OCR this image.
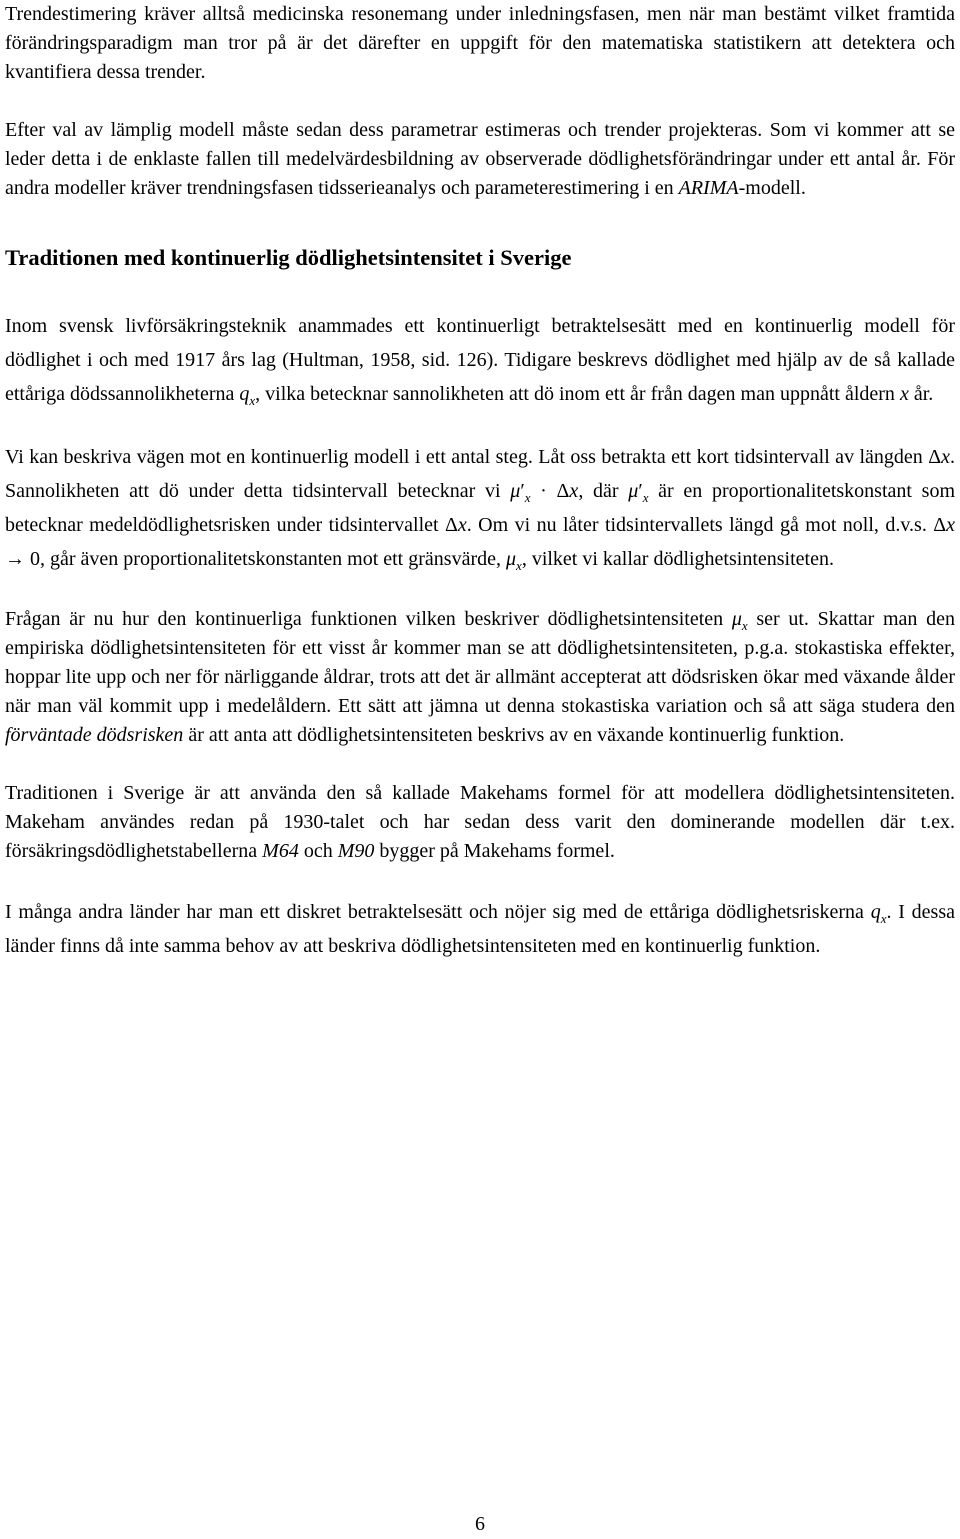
Trendestimering kräver alltså medicinska resonemang under inledningsfasen, men när man bestämt vilket framtida förändringsparadigm man tror på är det därefter en uppgift för den matematiska statistikern att detektera och kvantifiera dessa trender.

Efter val av lämplig modell måste sedan dess parametrar estimeras och trender projekteras. Som vi kommer att se leder detta i de enklaste fallen till medelvärdesbildning av observerade dödlighetsförändringar under ett antal år. För andra modeller kräver trendningsfasen tidsserieanalys och parameterestimering i en ARIMA-modell.

Traditionen med kontinuerlig dödlighetsintensitet i Sverige

Inom svensk livförsäkringsteknik anammades ett kontinuerligt betraktelsesätt med en kontinuerlig modell för dödlighet i och med 1917 års lag (Hultman, 1958, sid. 126). Tidigare beskrevs dödlighet med hjälp av de så kallade ettåriga dödssannolikheterna $q_x$, vilka betecknar sannolikheten att dö inom ett år från dagen man uppnått åldern x år.

Vi kan beskriva vägen mot en kontinuerlig modell i ett antal steg. Låt oss betrakta ett kort tidsintervall av längden Δx. Sannolikheten att dö under detta tidsintervall betecknar vi $\mu'_x \cdot \Delta x$, där $\mu'_x$ är en proportionalitetskonstant som betecknar medeldödlighetsrisken under tidsintervallet Δx. Om vi nu låter tidsintervallets längd gå mot noll, d.v.s. Δx → 0, går även proportionalitetskonstanten mot ett gränsvärde, $\mu_x$, vilket vi kallar dödlighetsintensiteten.

Frågan är nu hur den kontinuerliga funktionen vilken beskriver dödlighetsintensiteten $\mu_x$ ser ut. Skattar man den empiriska dödlighetsintensiteten för ett visst år kommer man se att dödlighetsintensiteten, p.g.a. stokastiska effekter, hoppar lite upp och ner för närliggande åldrar, trots att det är allmänt accepterat att dödsrisken ökar med växande ålder när man väl kommit upp i medelåldern. Ett sätt att jämna ut denna stokastiska variation och så att säga studera den förväntade dödsrisken är att anta att dödlighetsintensiteten beskrivs av en växande kontinuerlig funktion.

Traditionen i Sverige är att använda den så kallade Makehams formel för att modellera dödlighetsintensiteten. Makeham användes redan på 1930-talet och har sedan dess varit den dominerande modellen där t.ex. försäkringsdödlighetstabellerna M64 och M90 bygger på Makehams formel.

I många andra länder har man ett diskret betraktelsesätt och nöjer sig med de ettåriga dödlighetsriskerna $q_x$. I dessa länder finns då inte samma behov av att beskriva dödlighetsintensiteten med en kontinuerlig funktion.

6
